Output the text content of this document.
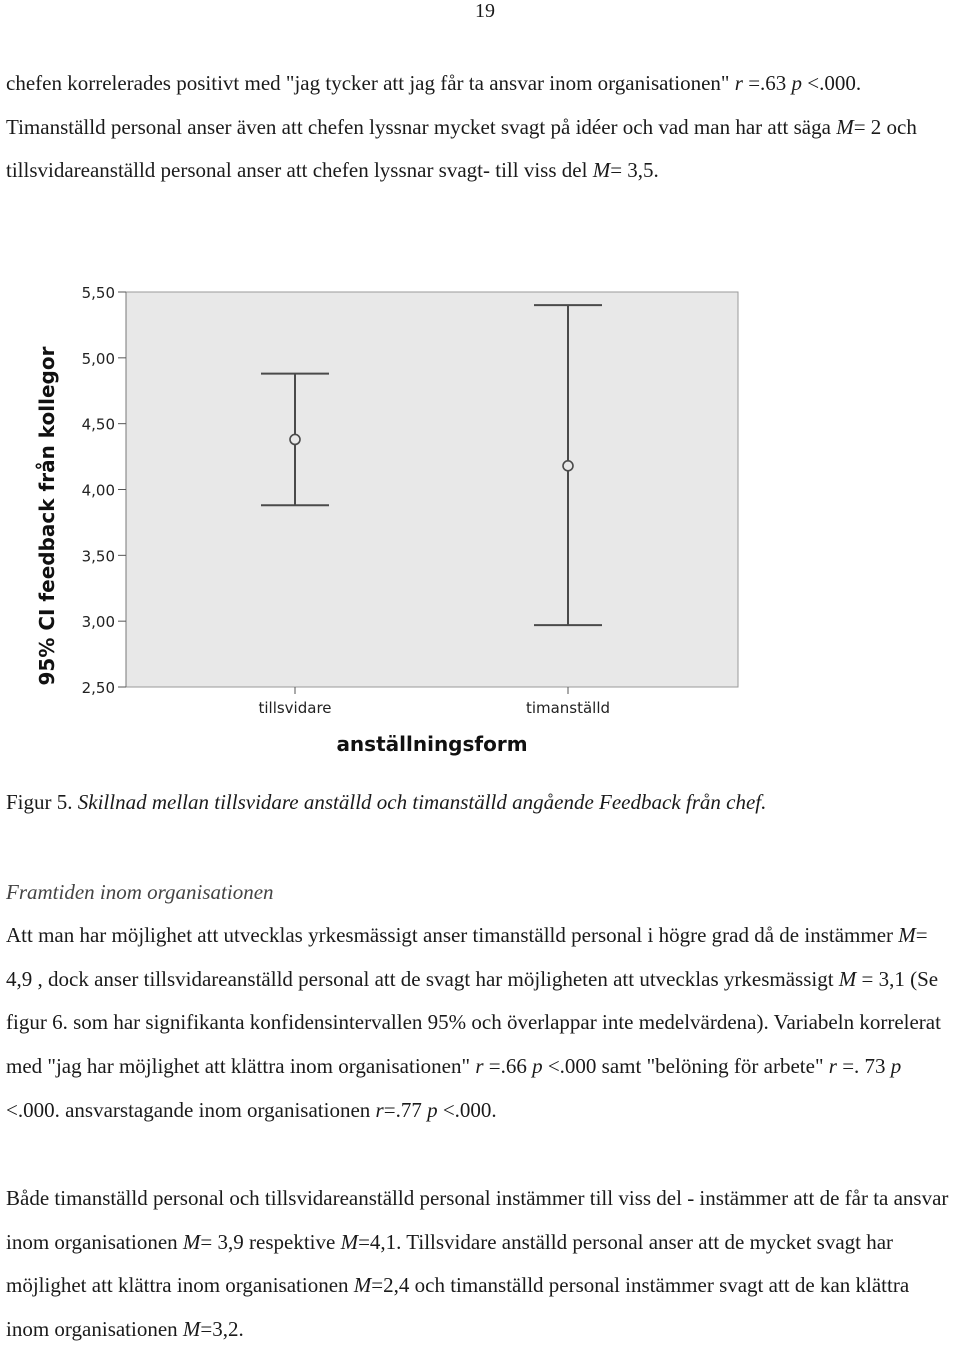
19

chefen korrelerades positivt med "jag tycker att jag får ta ansvar inom organisationen" r =.63 p <.000. Timanställd personal anser även att chefen lyssnar mycket svagt på idéer och vad man har att säga M= 2 och tillsvidareanställd personal anser att chefen lyssnar svagt- till viss del M= 3,5.

2,50
3,00
3,50
4,00
4,50
5,00
5,50
tillsvidare	timanställd
95% CI feedback från kollegor
anställningsform

Figur 5. Skillnad mellan tillsvidare anställd och timanställd angående Feedback från chef.

Framtiden inom organisationen

Att man har möjlighet att utvecklas yrkesmässigt anser timanställd personal i högre grad då de instämmer M= 4,9 , dock anser tillsvidareanställd personal att de svagt har möjligheten att utvecklas yrkesmässigt M = 3,1 (Se figur 6. som har signifikanta konfidensintervallen 95% och överlappar inte medelvärdena). Variabeln korrelerat med "jag har möjlighet att klättra inom organisationen" r =.66 p <.000 samt "belöning för arbete" r =. 73 p <.000. ansvarstagande inom organisationen r=.77 p <.000.

Både timanställd personal och tillsvidareanställd personal instämmer till viss del - instämmer att de får ta ansvar inom organisationen M= 3,9 respektive M=4,1. Tillsvidare anställd personal anser att de mycket svagt har möjlighet att klättra inom organisationen M=2,4 och timanställd personal instämmer svagt att de kan klättra inom organisationen M=3,2.
